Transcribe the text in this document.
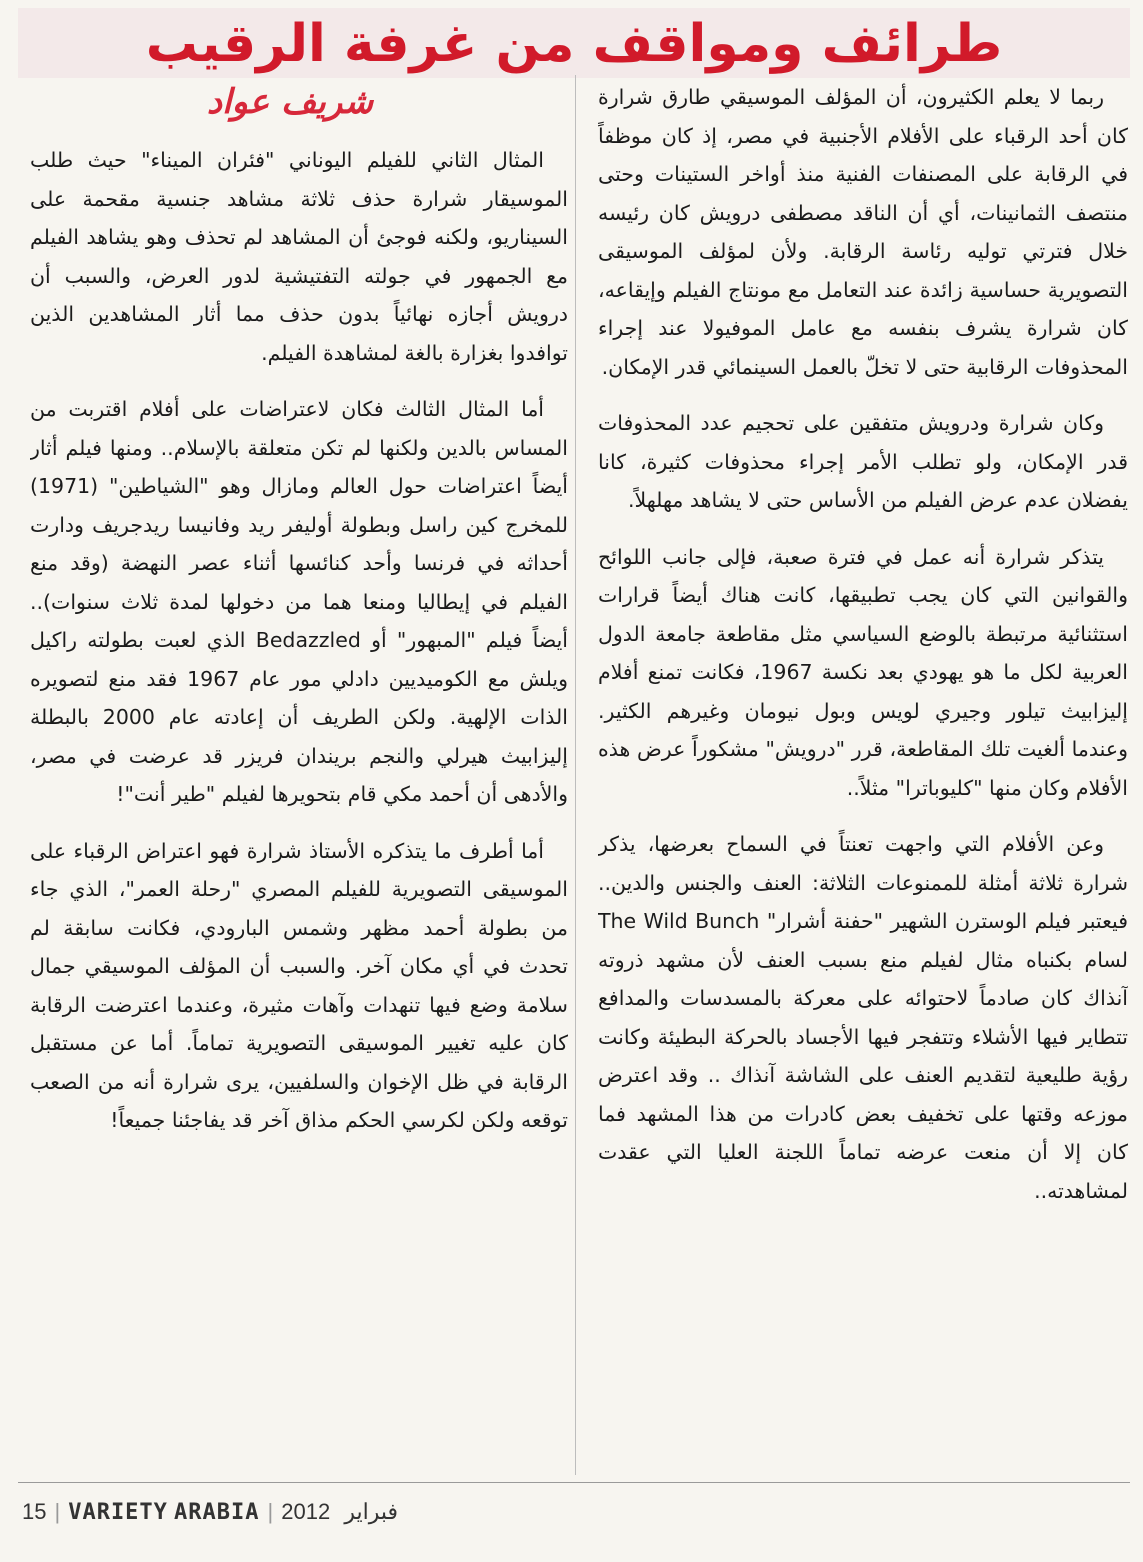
طرائف ومواقف من غرفة الرقيب
شريف عواد	ربما لا يعلم الكثيرون، أن المؤلف الموسيقي طارق شرارة كان أحد الرقباء على الأفلام الأجنبية في مصر، إذ كان موظفاً في الرقابة على المصنفات الفنية منذ أواخر الستينات وحتى منتصف الثمانينات، أي أن الناقد مصطفى درويش كان رئيسه خلال فترتي توليه رئاسة الرقابة. ولأن لمؤلف الموسيقى التصويرية حساسية زائدة عند التعامل مع مونتاج الفيلم وإيقاعه، كان شرارة يشرف بنفسه مع عامل الموفيولا عند إجراء المحذوفات الرقابية حتى لا تخلّ بالعمل السينمائي قدر الإمكان.

وكان شرارة ودرويش متفقين على تحجيم عدد المحذوفات قدر الإمكان، ولو تطلب الأمر إجراء محذوفات كثيرة، كانا يفضلان عدم عرض الفيلم من الأساس حتى لا يشاهد مهلهلاً.

يتذكر شرارة أنه عمل في فترة صعبة، فإلى جانب اللوائح والقوانين التي كان يجب تطبيقها، كانت هناك أيضاً قرارات استثنائية مرتبطة بالوضع السياسي مثل مقاطعة جامعة الدول العربية لكل ما هو يهودي بعد نكسة 1967، فكانت تمنع أفلام إليزابيث تيلور وجيري لويس وبول نيومان وغيرهم الكثير. وعندما ألغيت تلك المقاطعة، قرر "درويش" مشكوراً عرض هذه الأفلام وكان منها "كليوباترا" مثلاً..

وعن الأفلام التي واجهت تعنتاً في السماح بعرضها، يذكر شرارة ثلاثة أمثلة للممنوعات الثلاثة: العنف والجنس والدين.. فيعتبر فيلم الوسترن الشهير "حفنة أشرار" The Wild Bunch لسام بكنباه مثال لفيلم منع بسبب العنف لأن مشهد ذروته آنذاك كان صادماً لاحتوائه على معركة بالمسدسات والمدافع تتطاير فيها الأشلاء وتتفجر فيها الأجساد بالحركة البطيئة وكانت رؤية طليعية لتقديم العنف على الشاشة آنذاك .. وقد اعترض موزعه وقتها على تخفيف بعض كادرات من هذا المشهد فما كان إلا أن منعت عرضه تماماً اللجنة العليا التي عقدت لمشاهدته..

المثال الثاني للفيلم اليوناني "فئران الميناء" حيث طلب الموسيقار شرارة حذف ثلاثة مشاهد جنسية مقحمة على السيناريو، ولكنه فوجئ أن المشاهد لم تحذف وهو يشاهد الفيلم مع الجمهور في جولته التفتيشية لدور العرض، والسبب أن درويش أجازه نهائياً بدون حذف مما أثار المشاهدين الذين توافدوا بغزارة بالغة لمشاهدة الفيلم.

أما المثال الثالث فكان لاعتراضات على أفلام اقتربت من المساس بالدين ولكنها لم تكن متعلقة بالإسلام.. ومنها فيلم أثار أيضاً اعتراضات حول العالم ومازال وهو "الشياطين" (1971) للمخرج كين راسل وبطولة أوليفر ريد وفانيسا ريدجريف ودارت أحداثه في فرنسا وأحد كنائسها أثناء عصر النهضة (وقد منع الفيلم في إيطاليا ومنعا هما من دخولها لمدة ثلاث سنوات).. أيضاً فيلم "المبهور" أو Bedazzled الذي لعبت بطولته راكيل ويلش مع الكوميديين دادلي مور عام 1967 فقد منع لتصويره الذات الإلهية. ولكن الطريف أن إعادته عام 2000 بالبطلة إليزابيث هيرلي والنجم بريندان فريزر قد عرضت في مصر، والأدهى أن أحمد مكي قام بتحويرها لفيلم "طير أنت"!

أما أطرف ما يتذكره الأستاذ شرارة فهو اعتراض الرقباء على الموسيقى التصويرية للفيلم المصري "رحلة العمر"، الذي جاء من بطولة أحمد مظهر وشمس البارودي، فكانت سابقة لم تحدث في أي مكان آخر. والسبب أن المؤلف الموسيقي جمال سلامة وضع فيها تنهدات وآهات مثيرة، وعندما اعترضت الرقابة كان عليه تغيير الموسيقى التصويرية تماماً. أما عن مستقبل الرقابة في ظل الإخوان والسلفيين، يرى شرارة أنه من الصعب توقعه ولكن لكرسي الحكم مذاق آخر قد يفاجئنا جميعاً!

15 | VARIETY ARABIA | 2012 فبراير
